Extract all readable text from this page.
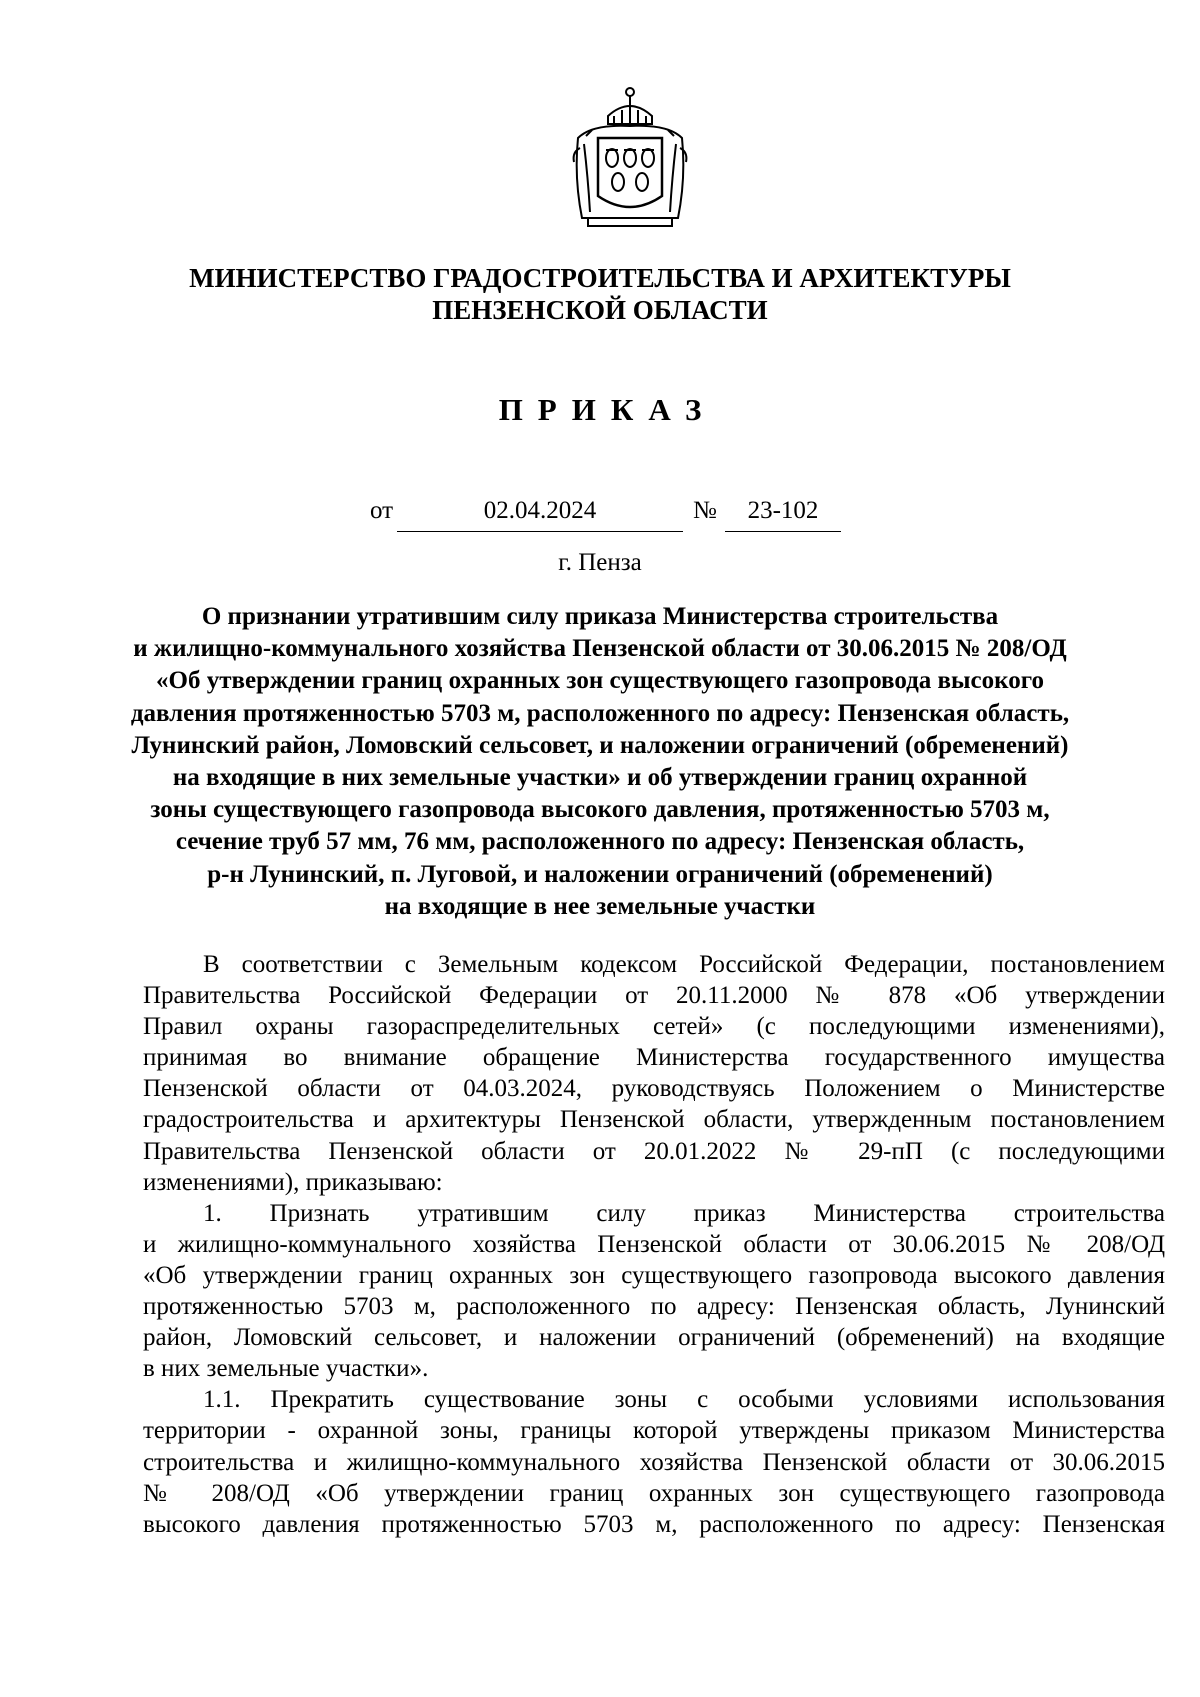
МИНИСТЕРСТВО ГРАДОСТРОИТЕЛЬСТВА И АРХИТЕКТУРЫ
ПЕНЗЕНСКОЙ ОБЛАСТИ
ПРИКАЗ
от	02.04.2024	№	23-102
г. Пенза
О признании утратившим силу приказа Министерства строительства
и жилищно-коммунального хозяйства Пензенской области от 30.06.2015 № 208/ОД
«Об утверждении границ охранных зон существующего газопровода высокого
давления протяженностью 5703 м, расположенного по адресу: Пензенская область,
Лунинский район, Ломовский сельсовет, и наложении ограничений (обременений)
на входящие в них земельные участки» и об утверждении границ охранной
зоны существующего газопровода высокого давления, протяженностью 5703 м,
сечение труб 57 мм, 76 мм, расположенного по адресу: Пензенская область,
р-н Лунинский, п. Луговой, и наложении ограничений (обременений)
на входящие в нее земельные участки
В соответствии с Земельным кодексом Российской Федерации, постановлением
Правительства Российской Федерации от 20.11.2000 № 878 «Об утверждении
Правил охраны газораспределительных сетей» (с последующими изменениями),
принимая во внимание обращение Министерства государственного имущества
Пензенской области от 04.03.2024, руководствуясь Положением о Министерстве
градостроительства и архитектуры Пензенской области, утвержденным постановлением
Правительства Пензенской области от 20.01.2022 № 29-пП (с последующими
изменениями), приказываю:
1. Признать утратившим силу приказ Министерства строительства
и жилищно-коммунального хозяйства Пензенской области от 30.06.2015 № 208/ОД
«Об утверждении границ охранных зон существующего газопровода высокого давления
протяженностью 5703 м, расположенного по адресу: Пензенская область, Лунинский
район, Ломовский сельсовет, и наложении ограничений (обременений) на входящие
в них земельные участки».
1.1. Прекратить существование зоны с особыми условиями использования
территории - охранной зоны, границы которой утверждены приказом Министерства
строительства и жилищно-коммунального хозяйства Пензенской области от 30.06.2015
№ 208/ОД «Об утверждении границ охранных зон существующего газопровода
высокого давления протяженностью 5703 м, расположенного по адресу: Пензенская
